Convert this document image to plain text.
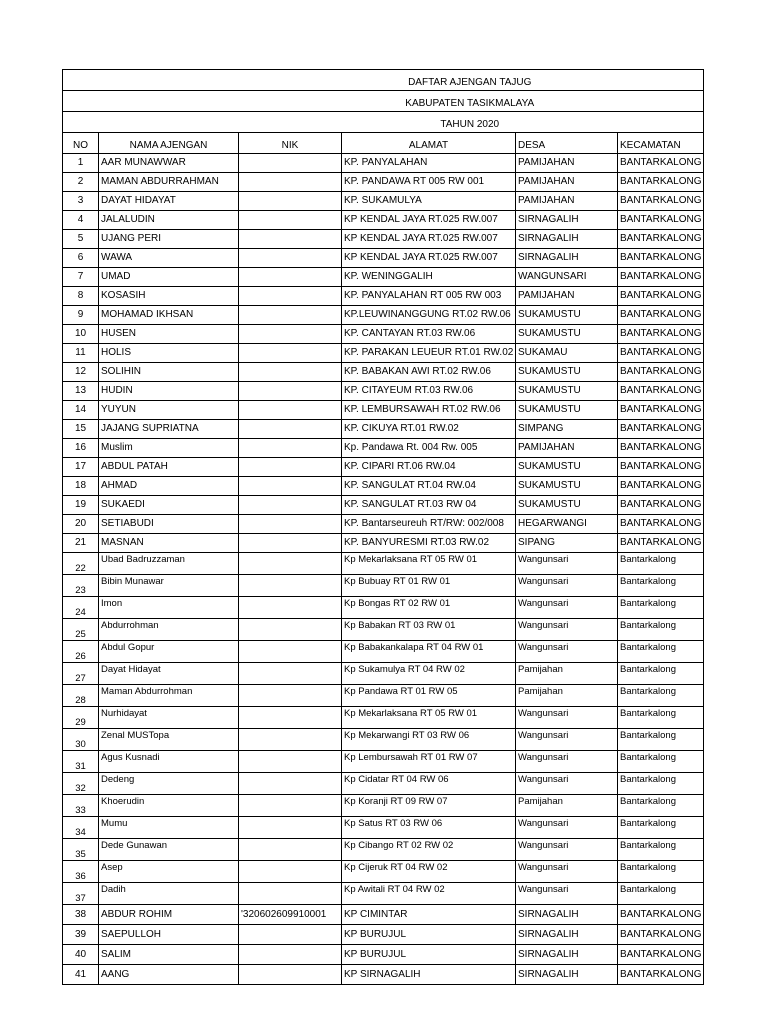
	DAFTAR AJENGAN TAJUG				
	KABUPATEN TASIKMALAYA				
	TAHUN 2020				
NO	NAMA AJENGAN	NIK	ALAMAT	DESA	KECAMATAN
1	AAR MUNAWWAR		KP. PANYALAHAN	PAMIJAHAN	BANTARKALONG
2	MAMAN ABDURRAHMAN		KP. PANDAWA RT 005 RW 001	PAMIJAHAN	BANTARKALONG
3	DAYAT HIDAYAT		KP. SUKAMULYA	PAMIJAHAN	BANTARKALONG
4	JALALUDIN		KP KENDAL JAYA RT.025 RW.007	SIRNAGALIH	BANTARKALONG
5	UJANG PERI		KP KENDAL JAYA RT.025 RW.007	SIRNAGALIH	BANTARKALONG
6	WAWA		KP KENDAL JAYA RT.025 RW.007	SIRNAGALIH	BANTARKALONG
7	UMAD		KP. WENINGGALIH	WANGUNSARI	BANTARKALONG
8	KOSASIH		KP. PANYALAHAN RT 005 RW 003	PAMIJAHAN	BANTARKALONG
9	MOHAMAD IKHSAN		KP.LEUWINANGGUNG RT.02 RW.06	SUKAMUSTU	BANTARKALONG
10	HUSEN		KP. CANTAYAN RT.03 RW.06	SUKAMUSTU	BANTARKALONG
11	HOLIS		KP. PARAKAN LEUEUR RT.01 RW.02	SUKAMAU	BANTARKALONG
12	SOLIHIN		KP. BABAKAN AWI RT.02 RW.06	SUKAMUSTU	BANTARKALONG
13	HUDIN		KP. CITAYEUM RT.03 RW.06	SUKAMUSTU	BANTARKALONG
14	YUYUN		KP. LEMBURSAWAH RT.02 RW.06	SUKAMUSTU	BANTARKALONG
15	JAJANG SUPRIATNA		KP. CIKUYA RT.01 RW.02	SIMPANG	BANTARKALONG
16	Muslim		Kp. Pandawa Rt. 004 Rw. 005	PAMIJAHAN	BANTARKALONG
17	ABDUL PATAH		KP. CIPARI RT.06 RW.04	SUKAMUSTU	BANTARKALONG
18	AHMAD		KP. SANGULAT RT.04 RW.04	SUKAMUSTU	BANTARKALONG
19	SUKAEDI		KP. SANGULAT RT.03 RW 04	SUKAMUSTU	BANTARKALONG
20	SETIABUDI		KP. Bantarseureuh RT/RW: 002/008	HEGARWANGI	BANTARKALONG
21	MASNAN		KP. BANYURESMI RT.03 RW.02	SIPANG	BANTARKALONG
22	Ubad Badruzzaman		Kp Mekarlaksana RT 05 RW 01	Wangunsari	Bantarkalong
23	Bibin Munawar		Kp Bubuay RT 01 RW 01	Wangunsari	Bantarkalong
24	Imon		Kp Bongas RT 02 RW 01	Wangunsari	Bantarkalong
25	Abdurrohman		Kp Babakan RT 03 RW 01	Wangunsari	Bantarkalong
26	Abdul Gopur		Kp Babakankalapa RT 04 RW 01	Wangunsari	Bantarkalong
27	Dayat Hidayat		Kp Sukamulya RT 04 RW 02	Pamijahan	Bantarkalong
28	Maman Abdurrohman		Kp Pandawa RT 01 RW 05	Pamijahan	Bantarkalong
29	Nurhidayat		Kp Mekarlaksana RT 05 RW 01	Wangunsari	Bantarkalong
30	Zenal MUSTopa		Kp Mekarwangi RT 03 RW 06	Wangunsari	Bantarkalong
31	Agus Kusnadi		Kp Lembursawah RT 01 RW 07	Wangunsari	Bantarkalong
32	Dedeng		Kp Cidatar RT 04 RW 06	Wangunsari	Bantarkalong
33	Khoerudin		Kp Koranji RT 09 RW 07	Pamijahan	Bantarkalong
34	Mumu		Kp Satus RT 03 RW 06	Wangunsari	Bantarkalong
35	Dede Gunawan		Kp Cibango RT 02 RW 02	Wangunsari	Bantarkalong
36	Asep		Kp Cijeruk RT 04 RW 02	Wangunsari	Bantarkalong
37	Dadih		Kp Awitali RT 04 RW 02	Wangunsari	Bantarkalong
38	ABDUR ROHIM	'320602609910001	KP CIMINTAR	SIRNAGALIH	BANTARKALONG
39	SAEPULLOH		KP BURUJUL	SIRNAGALIH	BANTARKALONG
40	SALIM		KP BURUJUL	SIRNAGALIH	BANTARKALONG
41	AANG		KP SIRNAGALIH	SIRNAGALIH	BANTARKALONG
